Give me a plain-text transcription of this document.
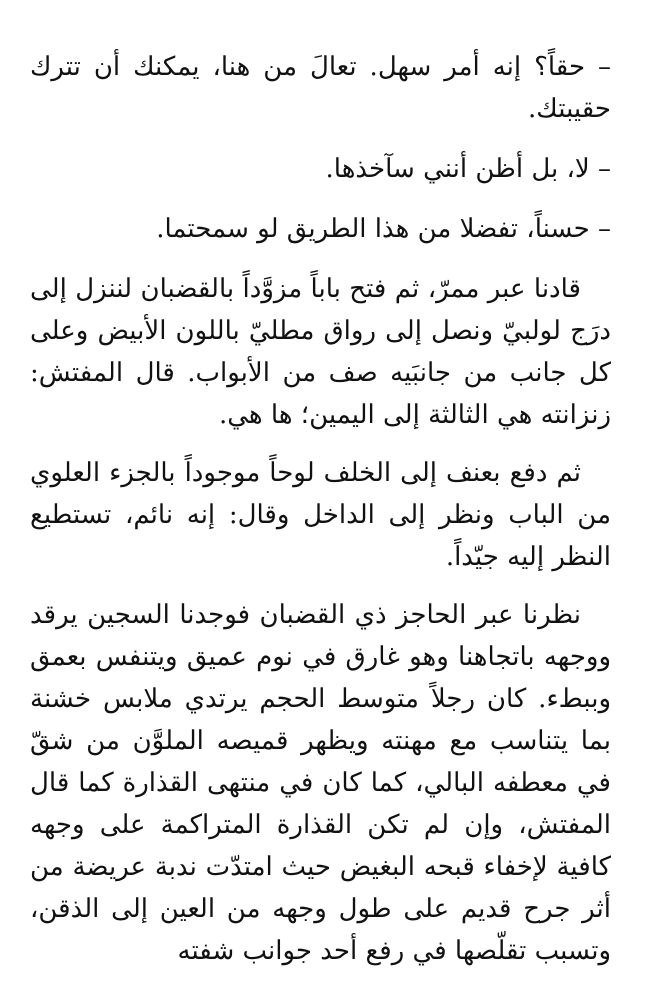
– حقاً؟ إنه أمر سهل. تعالَ من هنا، يمكنك أن تترك حقيبتك.

– لا، بل أظن أنني سآخذها.

– حسناً، تفضلا من هذا الطريق لو سمحتما.

قادنا عبر ممرّ، ثم فتح باباً مزوَّداً بالقضبان لننزل إلى درَج لولبيّ ونصل إلى رواق مطليّ باللون الأبيض وعلى كل جانب من جانبَيه صف من الأبواب. قال المفتش: زنزانته هي الثالثة إلى اليمين؛ ها هي.

ثم دفع بعنف إلى الخلف لوحاً موجوداً بالجزء العلوي من الباب ونظر إلى الداخل وقال: إنه نائم، تستطيع النظر إليه جيّداً.

نظرنا عبر الحاجز ذي القضبان فوجدنا السجين يرقد ووجهه باتجاهنا وهو غارق في نوم عميق ويتنفس بعمق وببطء. كان رجلاً متوسط الحجم يرتدي ملابس خشنة بما يتناسب مع مهنته ويظهر قميصه الملوَّن من شقّ في معطفه البالي، كما كان في منتهى القذارة كما قال المفتش، وإن لم تكن القذارة المتراكمة على وجهه كافية لإخفاء قبحه البغيض حيث امتدّت ندبة عريضة من أثر جرح قديم على طول وجهه من العين إلى الذقن، وتسبب تقلّصها في رفع أحد جوانب شفته
